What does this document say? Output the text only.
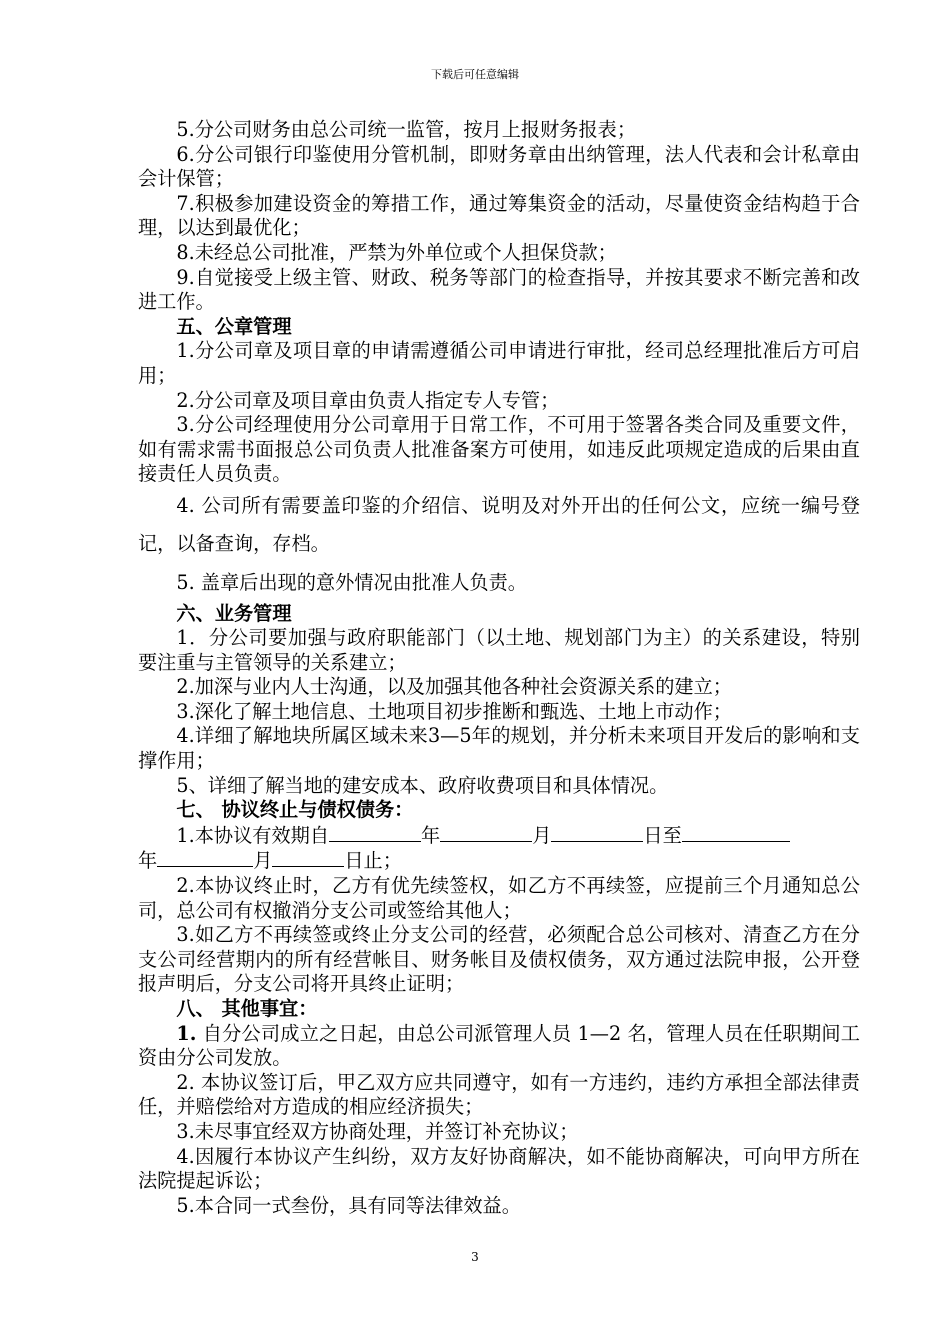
下载后可任意编辑

5.分公司财务由总公司统一监管，按月上报财务报表；

6.分公司银行印鉴使用分管机制，即财务章由出纳管理，法人代表和会计私章由会计保管；

7.积极参加建设资金的筹措工作，通过筹集资金的活动，尽量使资金结构趋于合理，以达到最优化；

8.未经总公司批准，严禁为外单位或个人担保贷款；

9.自觉接受上级主管、财政、税务等部门的检查指导，并按其要求不断完善和改进工作。

五、公章管理

1.分公司章及项目章的申请需遵循公司申请进行审批，经司总经理批准后方可启用；

2.分公司章及项目章由负责人指定专人专管；

3.分公司经理使用分公司章用于日常工作，不可用于签署各类合同及重要文件，如有需求需书面报总公司负责人批准备案方可使用，如违反此项规定造成的后果由直接责任人员负责。

4. 公司所有需要盖印鉴的介绍信、说明及对外开出的任何公文，应统一编号登记，以备查询，存档。

5. 盖章后出现的意外情况由批准人负责。

六、业务管理

1．分公司要加强与政府职能部门（以土地、规划部门为主）的关系建设，特别要注重与主管领导的关系建立；

2.加深与业内人士沟通，以及加强其他各种社会资源关系的建立；

3.深化了解土地信息、土地项目初步推断和甄选、土地上市动作；

4.详细了解地块所属区域未来3—5年的规划，并分析未来项目开发后的影响和支撑作用；

5、详细了解当地的建安成本、政府收费项目和具体情况。

七、 协议终止与债权债务：

1.本协议有效期自	年	月	日至
年	月	日止；

2.本协议终止时，乙方有优先续签权，如乙方不再续签，应提前三个月通知总公司，总公司有权撤消分支公司或签给其他人；

3.如乙方不再续签或终止分支公司的经营，必须配合总公司核对、清查乙方在分支公司经营期内的所有经营帐目、财务帐目及债权债务，双方通过法院申报，公开登报声明后，分支公司将开具终止证明；

八、 其他事宜：

1. 自分公司成立之日起，由总公司派管理人员 1—2 名，管理人员在任职期间工资由分公司发放。

2. 本协议签订后，甲乙双方应共同遵守，如有一方违约，违约方承担全部法律责任，并赔偿给对方造成的相应经济损失；

3.未尽事宜经双方协商处理，并签订补充协议；

4.因履行本协议产生纠纷，双方友好协商解决，如不能协商解决，可向甲方所在法院提起诉讼；

5.本合同一式叁份，具有同等法律效益。

3
